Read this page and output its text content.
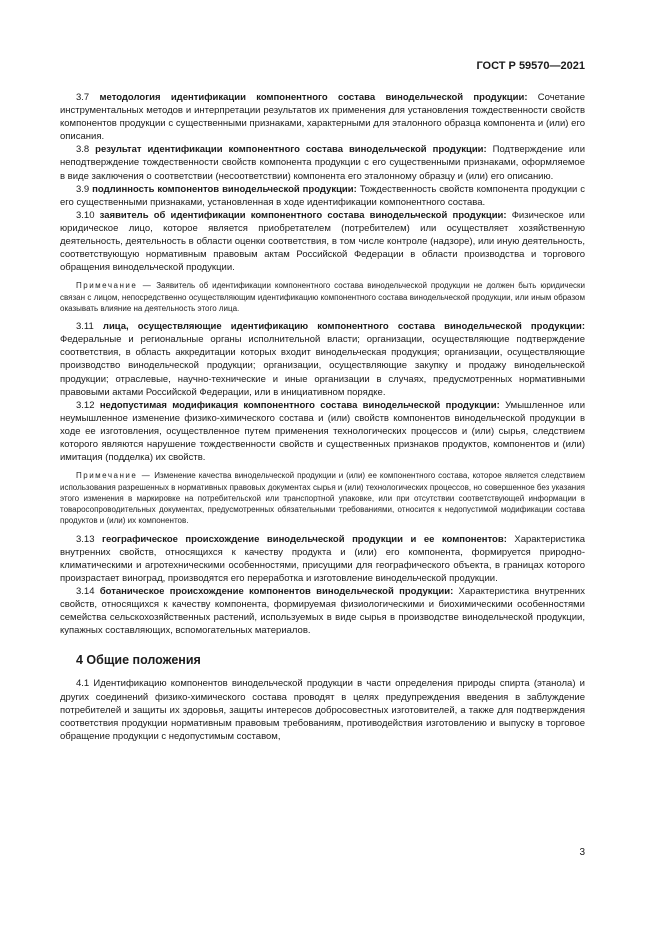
ГОСТ Р 59570—2021

3.7 методология идентификации компонентного состава винодельческой продукции: Сочетание инструментальных методов и интерпретации результатов их применения для установления тождественности свойств компонентов продукции с существенными признаками, характерными для эталонного образца компонента и (или) его описания.

3.8 результат идентификации компонентного состава винодельческой продукции: Подтверждение или неподтверждение тождественности свойств компонента продукции с его существенными признаками, оформляемое в виде заключения о соответствии (несоответствии) компонента его эталонному образцу и (или) его описанию.

3.9 подлинность компонентов винодельческой продукции: Тождественность свойств компонента продукции с его существенными признаками, установленная в ходе идентификации компонентного состава.

3.10 заявитель об идентификации компонентного состава винодельческой продукции: Физическое или юридическое лицо, которое является приобретателем (потребителем) или осуществляет хозяйственную деятельность, деятельность в области оценки соответствия, в том числе контроле (надзоре), или иную деятельность, соответствующую нормативным правовым актам Российской Федерации в области производства и торгового обращения винодельческой продукции.

Примечание — Заявитель об идентификации компонентного состава винодельческой продукции не должен быть юридически связан с лицом, непосредственно осуществляющим идентификацию компонентного состава винодельческой продукции, или иным образом оказывать влияние на деятельность этого лица.

3.11 лица, осуществляющие идентификацию компонентного состава винодельческой продукции: Федеральные и региональные органы исполнительной власти; организации, осуществляющие подтверждение соответствия, в область аккредитации которых входит винодельческая продукция; организации, осуществляющие производство винодельческой продукции; организации, осуществляющие закупку и продажу винодельческой продукции; отраслевые, научно-технические и иные организации в случаях, предусмотренных нормативными правовыми актами Российской Федерации, или в инициативном порядке.

3.12 недопустимая модификация компонентного состава винодельческой продукции: Умышленное или неумышленное изменение физико-химического состава и (или) свойств компонентов винодельческой продукции в ходе ее изготовления, осуществленное путем применения технологических процессов и (или) сырья, следствием которого являются нарушение тождественности свойств и существенных признаков продуктов, компонентов и (или) имитация (подделка) их свойств.

Примечание — Изменение качества винодельческой продукции и (или) ее компонентного состава, которое является следствием использования разрешенных в нормативных правовых документах сырья и (или) технологических процессов, но совершенное без указания этого изменения в маркировке на потребительской или транспортной упаковке, или при отсутствии соответствующей информации в товаросопроводительных документах, предусмотренных обязательными требованиями, относится к недопустимой модификации состава продуктов и (или) их компонентов.

3.13 географическое происхождение винодельческой продукции и ее компонентов: Характеристика внутренних свойств, относящихся к качеству продукта и (или) его компонента, формируется природно-климатическими и агротехническими особенностями, присущими для географического объекта, в границах которого произрастает виноград, производятся его переработка и изготовление винодельческой продукции.

3.14 ботаническое происхождение компонентов винодельческой продукции: Характеристика внутренних свойств, относящихся к качеству компонента, формируемая физиологическими и биохимическими особенностями семейства сельскохозяйственных растений, используемых в виде сырья в производстве винодельческой продукции, купажных составляющих, вспомогательных материалов.

4 Общие положения

4.1 Идентификацию компонентов винодельческой продукции в части определения природы спирта (этанола) и других соединений физико-химического состава проводят в целях предупреждения введения в заблуждение потребителей и защиты их здоровья, защиты интересов добросовестных изготовителей, а также для подтверждения соответствия продукции нормативным правовым требованиям, противодействия изготовлению и выпуску в торговое обращение продукции с недопустимым составом,

3
